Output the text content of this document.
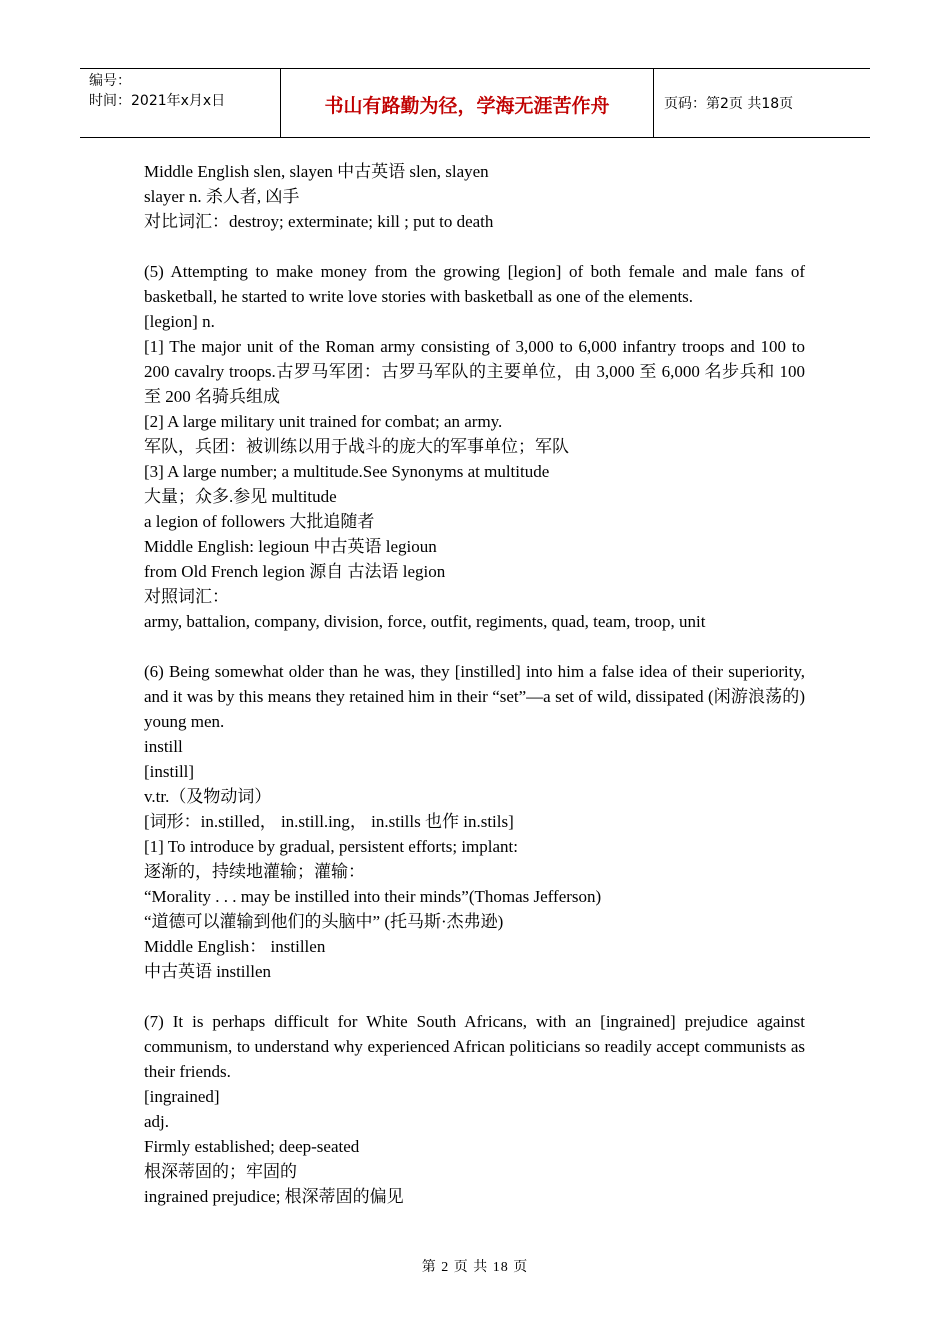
编号：
时间：2021年x月x日	书山有路勤为径，学海无涯苦作舟	页码：第2页 共18页

Middle English slen, slayen 中古英语 slen, slayen

slayer n. 杀人者, 凶手

对比词汇：destroy; exterminate; kill ; put to death

(5) Attempting to make money from the growing [legion] of both female and male fans of basketball, he started to write love stories with basketball as one of the elements.

[legion] n.

[1] The major unit of the Roman army consisting of 3,000 to 6,000 infantry troops and 100 to 200 cavalry troops.古罗马军团：古罗马军队的主要单位，由 3,000 至 6,000 名步兵和 100 至 200 名骑兵组成

[2] A large military unit trained for combat; an army.

军队，兵团：被训练以用于战斗的庞大的军事单位；军队

[3] A large number; a multitude.See Synonyms at multitude

大量；众多.参见 multitude

a legion of followers 大批追随者

Middle English: legioun 中古英语 legioun

from Old French legion 源自 古法语 legion

对照词汇：

army, battalion, company, division, force, outfit, regiments, quad, team, troop, unit

(6) Being somewhat older than he was, they [instilled] into him a false idea of their superiority, and it was by this means they retained him in their “set”—a set of wild, dissipated (闲游浪荡的) young men.

instill

[instill]

v.tr.（及物动词）

[词形：in.stilled， in.still.ing， in.stills 也作 in.stils]

[1] To introduce by gradual, persistent efforts; implant:

逐渐的，持续地灌输；灌输：

“Morality . . . may be instilled into their minds”(Thomas Jefferson)

“道德可以灌输到他们的头脑中” (托马斯·杰弗逊)

Middle English： instillen

中古英语 instillen

(7) It is perhaps difficult for White South Africans, with an [ingrained] prejudice against communism, to understand why experienced African politicians so readily accept communists as their friends.

[ingrained]

adj.

Firmly established; deep-seated

根深蒂固的；牢固的

ingrained prejudice; 根深蒂固的偏见

第 2 页 共 18 页
